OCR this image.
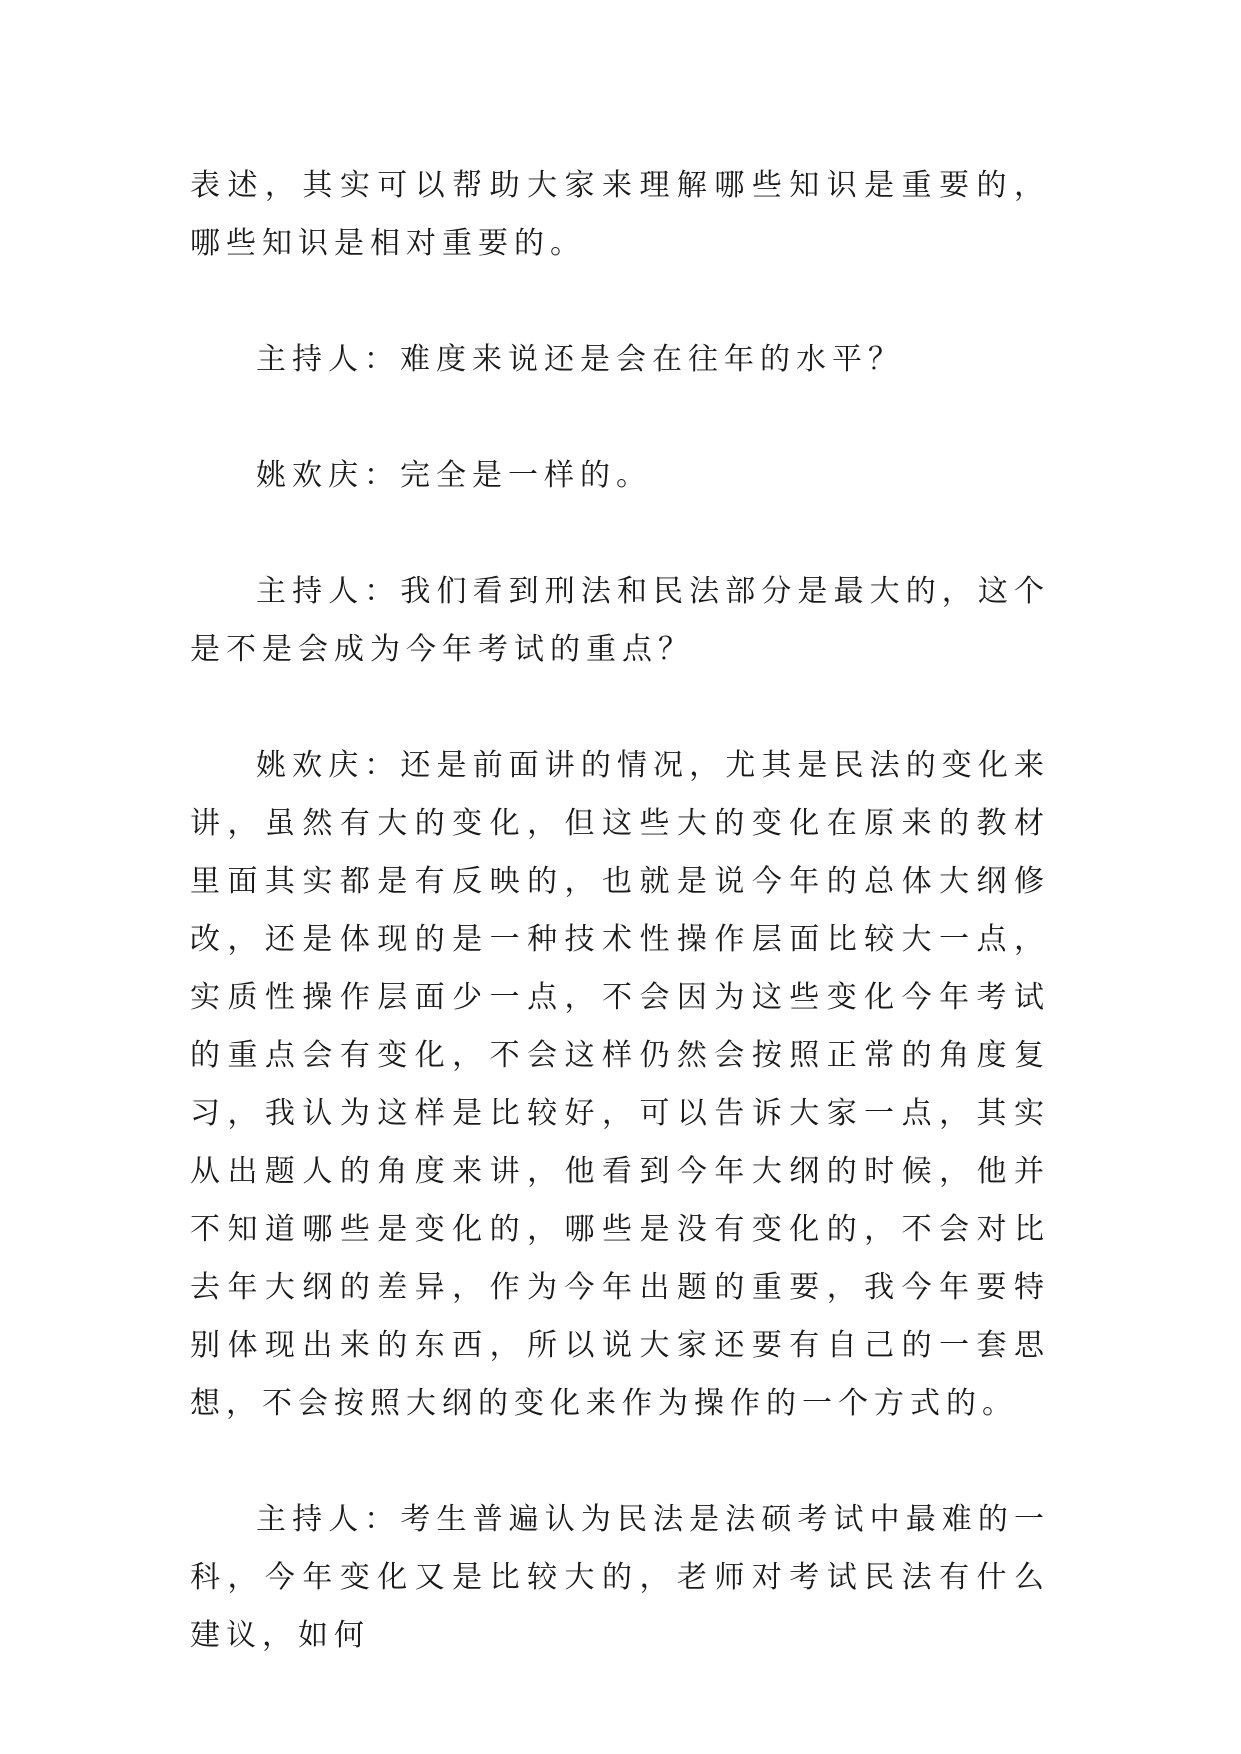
表述，其实可以帮助大家来理解哪些知识是重要的，哪些知识是相对重要的。

主持人：难度来说还是会在往年的水平？

姚欢庆：完全是一样的。

主持人：我们看到刑法和民法部分是最大的，这个是不是会成为今年考试的重点？

姚欢庆：还是前面讲的情况，尤其是民法的变化来讲，虽然有大的变化，但这些大的变化在原来的教材里面其实都是有反映的，也就是说今年的总体大纲修改，还是体现的是一种技术性操作层面比较大一点，实质性操作层面少一点，不会因为这些变化今年考试的重点会有变化，不会这样仍然会按照正常的角度复习，我认为这样是比较好，可以告诉大家一点，其实从出题人的角度来讲，他看到今年大纲的时候，他并不知道哪些是变化的，哪些是没有变化的，不会对比去年大纲的差异，作为今年出题的重要，我今年要特别体现出来的东西，所以说大家还要有自己的一套思想，不会按照大纲的变化来作为操作的一个方式的。

主持人：考生普遍认为民法是法硕考试中最难的一科，今年变化又是比较大的，老师对考试民法有什么建议，如何
